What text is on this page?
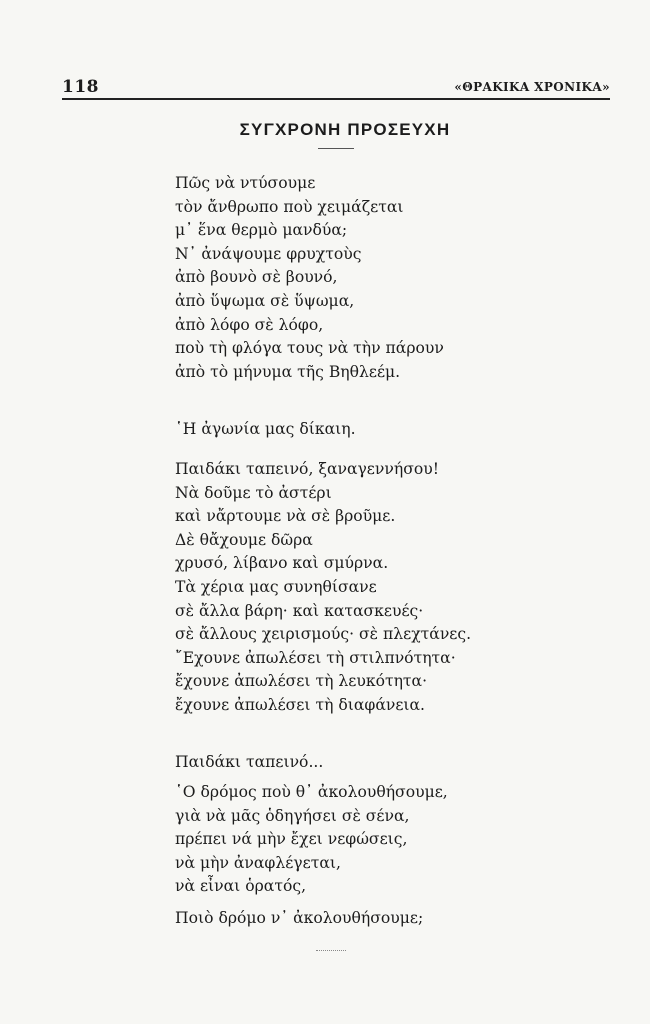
118	«ΘΡΑΚΙΚΑ ΧΡΟΝΙΚΑ»
ΣΥΓΧΡΟΝΗ ΠΡΟΣΕΥΧΗ
Πῶς νὰ ντύσουμε
τὸν ἄνθρωπο ποὺ χειμάζεται
μ᾿ ἕνα θερμὸ μανδύα;
Ν᾿ ἀνάψουμε φρυχτοὺς
ἀπὸ βουνὸ σὲ βουνό,
ἀπὸ ὕψωμα σὲ ὕψωμα,
ἀπὸ λόφο σὲ λόφο,
ποὺ τὴ φλόγα τους νὰ τὴν πάρουν
ἀπὸ τὸ μήνυμα τῆς Βηθλεέμ.
῾Η ἀγωνία μας δίκαιη.
Παιδάκι ταπεινό, ξαναγεννήσου!
Νὰ δοῦμε τὸ ἀστέρι
καὶ νἄρτουμε νὰ σὲ βροῦμε.
Δὲ θἄχουμε δῶρα
χρυσό, λίβανο καὶ σμύρνα.
Τὰ χέρια μας συνηθίσανε
σὲ ἄλλα βάρη· καὶ κατασκευές·
σὲ ἄλλους χειρισμούς· σὲ πλεχτάνες.
῎Εχουνε ἀπωλέσει τὴ στιλπνότητα·
ἔχουνε ἀπωλέσει τὴ λευκότητα·
ἔχουνε ἀπωλέσει τὴ διαφάνεια.
Παιδάκι ταπεινό...
῾Ο δρόμος ποὺ θ᾿ ἀκολουθήσουμε,
γιὰ νὰ μᾶς ὁδηγήσει σὲ σένα,
πρέπει νά μὴν ἔχει νεφώσεις,
νὰ μὴν ἀναφλέγεται,
νὰ εἶναι ὁρατός,
Ποιὸ δρόμο ν᾿ ἀκολουθήσουμε;
